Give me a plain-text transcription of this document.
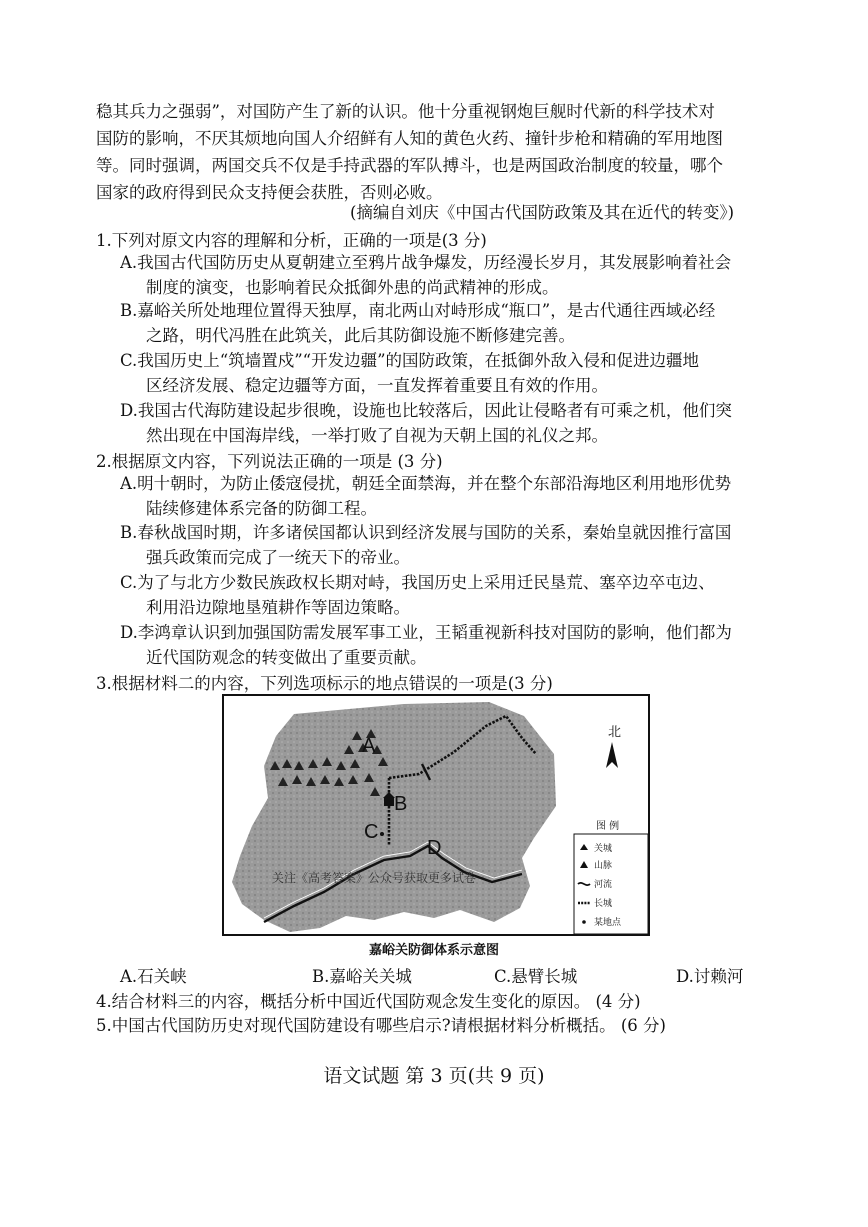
稳其兵力之强弱”，对国防产生了新的认识。他十分重视钢炮巨舰时代新的科学技术对
国防的影响，不厌其烦地向国人介绍鲜有人知的黄色火药、撞针步枪和精确的军用地图
等。同时强调，两国交兵不仅是手持武器的军队搏斗，也是两国政治制度的较量，哪个
国家的政府得到民众支持便会获胜，否则必败。
(摘编自刘庆《中国古代国防政策及其在近代的转变》)
1.下列对原文内容的理解和分析，正确的一项是(3 分)
A.我国古代国防历史从夏朝建立至鸦片战争爆发，历经漫长岁月，其发展影响着社会
制度的演变，也影响着民众抵御外患的尚武精神的形成。
B.嘉峪关所处地理位置得天独厚，南北两山对峙形成“瓶口”，是古代通往西域必经
之路，明代冯胜在此筑关，此后其防御设施不断修建完善。
C.我国历史上“筑墙置戍”“开发边疆”的国防政策，在抵御外敌入侵和促进边疆地
区经济发展、稳定边疆等方面，一直发挥着重要且有效的作用。
D.我国古代海防建设起步很晚，设施也比较落后，因此让侵略者有可乘之机，他们突
然出现在中国海岸线，一举打败了自视为天朝上国的礼仪之邦。
2.根据原文内容，下列说法正确的一项是 (3 分)
A.明十朝时，为防止倭寇侵扰，朝廷全面禁海，并在整个东部沿海地区利用地形优势
陆续修建体系完备的防御工程。
B.春秋战国时期，许多诸侯国都认识到经济发展与国防的关系，秦始皇就因推行富国
强兵政策而完成了一统天下的帝业。
C.为了与北方少数民族政权长期对峙，我国历史上采用迁民垦荒、塞卒边卒屯边、
利用沿边隙地垦殖耕作等固边策略。
D.李鸿章认识到加强国防需发展军事工业，王韬重视新科技对国防的影响，他们都为
近代国防观念的转变做出了重要贡献。
3.根据材料二的内容，下列选项标示的地点错误的一项是(3 分)
A
B
C
D
关注《高考答案》公众号获取更多试卷
北
图 例
关城
山脉
河流
长城
某地点
嘉峪关防御体系示意图
A.石关峡	B.嘉峪关关城	C.悬臂长城	D.讨赖河
4.结合材料三的内容，概括分析中国近代国防观念发生变化的原因。 (4 分)
5.中国古代国防历史对现代国防建设有哪些启示?请根据材料分析概括。 (6 分)
语文试题 第 3 页(共 9 页)
